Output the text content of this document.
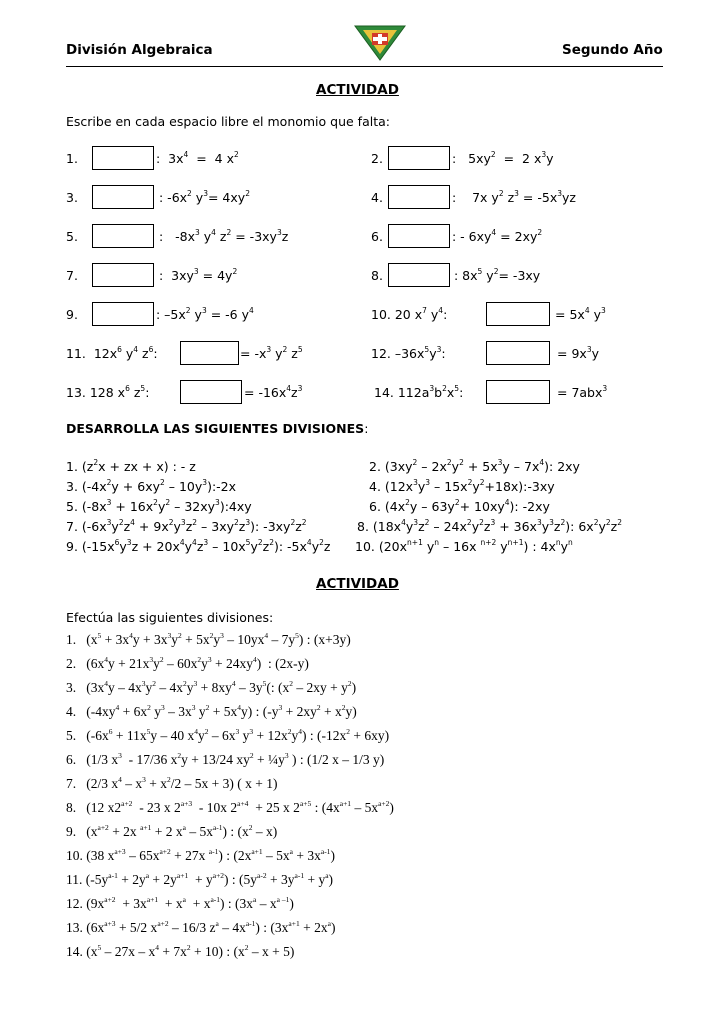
División Algebraica	Segundo Año
ACTIVIDAD
Escribe en cada espacio libre el monomio que falta:
1.	:  $3x^4 = 4$ $x^2$	2.	:   $5xy^2 = 2$ $x^3y$
3.	: $-6x^2$ $y^3= 4xy^2$	4.	:    7x $y^2$ $z^3 = -5x^3yz$
5.	:   $-8x^3$ $y^4$ $z^2 = -3xy^3z$	6.	: - $6xy^4 = 2xy^2$
7.	:  $3xy^3 = 4y^2$	8.	: $8x^5$ $y^2= -3xy$
9.	: $-5x^2$ $y^3 = -6$ $y^4$	10. 20 $x^7$ $y^4$:	= $5x^4$ $y^3$
11.  $12x^6$ $y^4$ $z^6$:	= $-x^3$ $y^2$ $z^5$	12. $-36x^5y^3$:	= $9x^3y$
13. 128 $x^6$ $z^5$:	= $-16x^4z^3$	14. $112a^3b^2x^5$:	= 7abx$^3$
DESARROLLA LAS SIGUIENTES DIVISIONES:
1. ($z^2x$ + zx + x) : - z	2. $(3xy^2 - 2x^2y^2 + 5x^3y - 7x^4)$: 2xy
3. ($-4x^2y + 6xy^2$ – $10y^3):-2x$	4. ($12x^3y^3$ – $15x^2y^2+18x):-3xy$
5. ($-8x^3 + 16x^2y^2$ – $32xy^3):4xy$	6. $(4x^2y - 63y^2+ 10xy^4)$: -2xy
7. $(-6x^3y^2z^4 + 9x^2y^3z^2 - 3xy^2z^3)$: $-3xy^2z^2$	8. $(18x^4y^3z^2 - 24x^2y^2z^3 + 36x^3y^3z^2)$: $6x^2y^2z^2$
9. $(-15x^6y^3z + 20x^4y^4z^3 - 10x^5y^2z^2)$: $-5x^4y^2z$ 10. ($20x^{n+1}$ $y^n - 16x$ $^{n+2}$ $y^{n+1}$) : $4x^ny^n$
ACTIVIDAD
Efectúa las siguientes divisiones:
1.   $(x^5 + 3x^4y + 3x^3y^2 + 5x^2y^3 - 10yx^4 - 7y^5)$ : (x+3y)
2.   $(6x^4y + 21x^3y^2 - 60x^2y^3 + 24xy^4)$  : (2x-y)
3.   ($3x^4y - 4x^3y^2 - 4x^2y^3 + 8xy^4 - 3y^5$(: $(x^2 - 2xy + y^2)$
4.   ($-4xy^4 + 6x^2$ $y^3 - 3x^3$ $y^2 + 5x^4y$) : $(-y^3 + 2xy^2 + x^2y)$
5.   ($-6x^6 + 11x^5y - 40$ $x^4y^2 - 6x^3$ $y^3 + 12x^2y^4$) : $(-12x^2 + 6xy)$
6.   (1/3 $x^3 - 17/36$ $x^2y + 13/24$ $xy^2$ + $\frac{1}{4}y^3$ ) : (1/2 x – 1/3 y)
7.   (2/3 $x^4 - x^3 + x^2/2 - 5x + 3$) ( x + 1)
8.   (12 $x2^{a+2} - 23$ x $2^{a+3} - 10x$ $2^{a+4} + 25$ x $2^{a+5}$ : $(4x^{a+1} - 5x^{a+2})$
9.   ($x^{a+2} + 2x$ $^{a+1}$ + 2 $x^a - 5x^{a-1}$) : $(x^2 - x)$
10. (38 $x^{a+3} - 65x^{a+2} + 27x$ $^{a-1}$) : $(2x^{a+1} - 5x^a + 3x^{a-1})$
11. $(-5y^{a-1} + 2y^a + 2y^{a+1} + y^{a+2})$ : $(5y^{a-2} + 3y^{a-1} + y^a)$
12. $(9x^{a+2} + 3x^{a+1} + x^a + x^{a-1})$ : $(3x^a - x^{a -1})$
13. ($6x^{a+3} + 5/2$ $x^{a+2} - 16/3$ $z^a - 4x^{a-1}$) : $(3x^{a+1} + 2x^a)$
14. $(x^5 - 27x - x^4 + 7x^2 + 10)$ : $(x^2 - x + 5)$
